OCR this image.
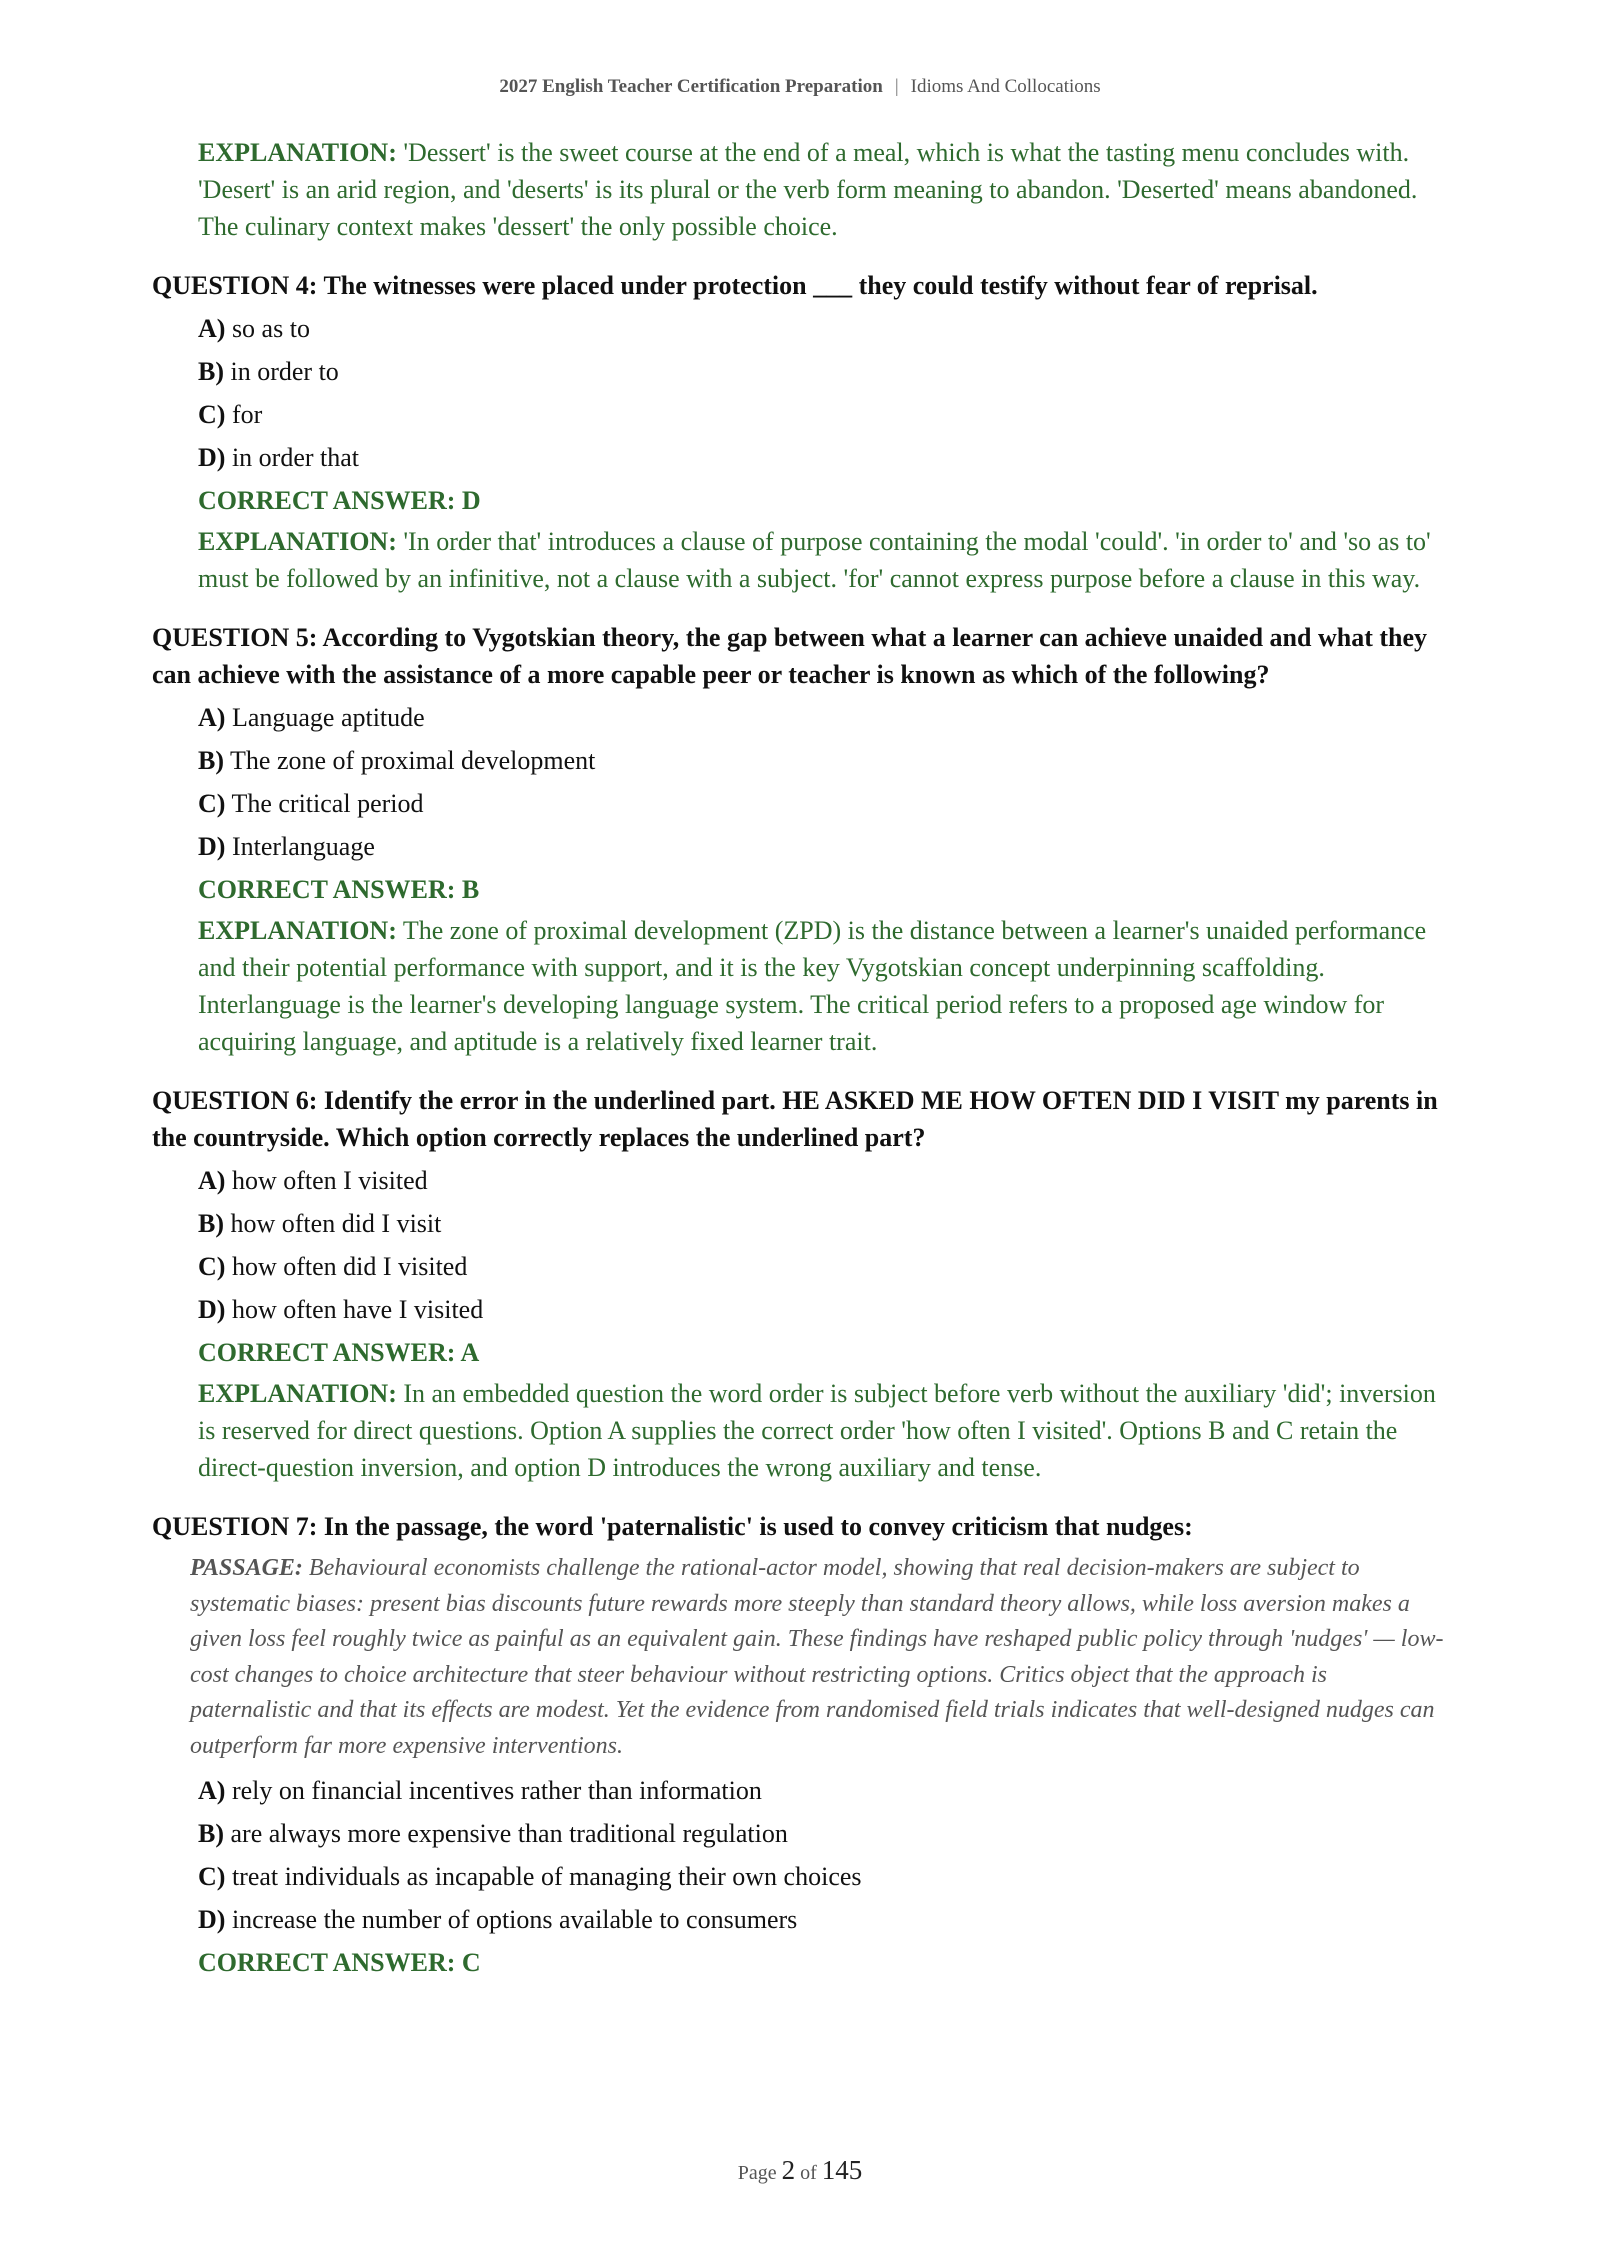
2027 English Teacher Certification Preparation | Idioms And Collocations
EXPLANATION: 'Dessert' is the sweet course at the end of a meal, which is what the tasting menu concludes with. 'Desert' is an arid region, and 'deserts' is its plural or the verb form meaning to abandon. 'Deserted' means abandoned. The culinary context makes 'dessert' the only possible choice.
QUESTION 4: The witnesses were placed under protection ___ they could testify without fear of reprisal.
A) so as to
B) in order to
C) for
D) in order that
CORRECT ANSWER: D
EXPLANATION: 'In order that' introduces a clause of purpose containing the modal 'could'. 'in order to' and 'so as to' must be followed by an infinitive, not a clause with a subject. 'for' cannot express purpose before a clause in this way.
QUESTION 5: According to Vygotskian theory, the gap between what a learner can achieve unaided and what they can achieve with the assistance of a more capable peer or teacher is known as which of the following?
A) Language aptitude
B) The zone of proximal development
C) The critical period
D) Interlanguage
CORRECT ANSWER: B
EXPLANATION: The zone of proximal development (ZPD) is the distance between a learner's unaided performance and their potential performance with support, and it is the key Vygotskian concept underpinning scaffolding. Interlanguage is the learner's developing language system. The critical period refers to a proposed age window for acquiring language, and aptitude is a relatively fixed learner trait.
QUESTION 6: Identify the error in the underlined part. HE ASKED ME HOW OFTEN DID I VISIT my parents in the countryside. Which option correctly replaces the underlined part?
A) how often I visited
B) how often did I visit
C) how often did I visited
D) how often have I visited
CORRECT ANSWER: A
EXPLANATION: In an embedded question the word order is subject before verb without the auxiliary 'did'; inversion is reserved for direct questions. Option A supplies the correct order 'how often I visited'. Options B and C retain the direct-question inversion, and option D introduces the wrong auxiliary and tense.
QUESTION 7: In the passage, the word 'paternalistic' is used to convey criticism that nudges:
PASSAGE: Behavioural economists challenge the rational-actor model, showing that real decision-makers are subject to systematic biases: present bias discounts future rewards more steeply than standard theory allows, while loss aversion makes a given loss feel roughly twice as painful as an equivalent gain. These findings have reshaped public policy through 'nudges' — low-cost changes to choice architecture that steer behaviour without restricting options. Critics object that the approach is paternalistic and that its effects are modest. Yet the evidence from randomised field trials indicates that well-designed nudges can outperform far more expensive interventions.
A) rely on financial incentives rather than information
B) are always more expensive than traditional regulation
C) treat individuals as incapable of managing their own choices
D) increase the number of options available to consumers
CORRECT ANSWER: C
Page 2 of 145
